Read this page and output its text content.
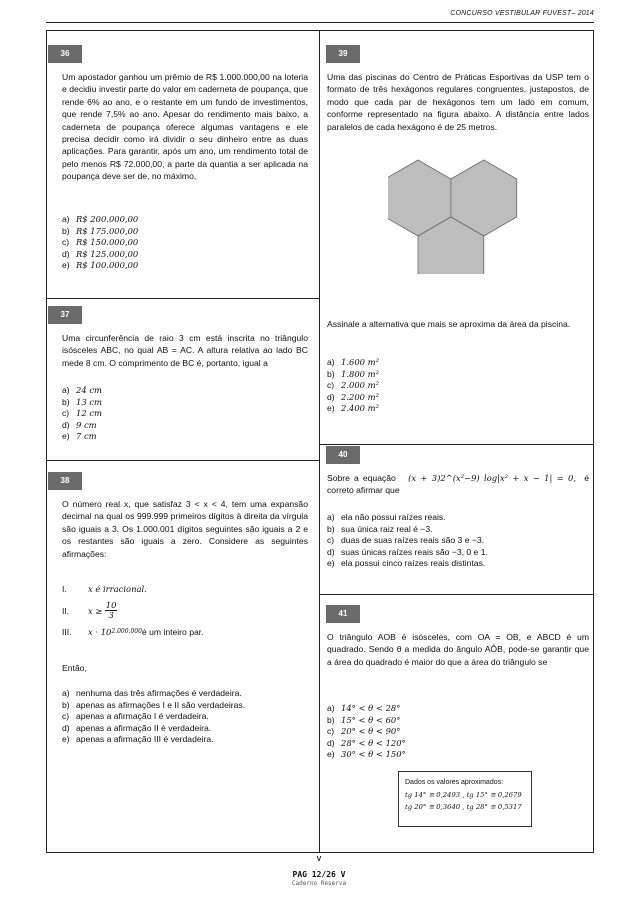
CONCURSO VESTIBULAR FUVEST– 2014
36

Um apostador ganhou um prêmio de R$ 1.000.000,00 na loteria e decidiu investir parte do valor em caderneta de poupança, que rende 6% ao ano, e o restante em um fundo de investimentos, que rende 7,5% ao ano. Apesar do rendimento mais baixo, a caderneta de poupança oferece algumas vantagens e ele precisa decidir como irá dividir o seu dinheiro entre as duas aplicações. Para garantir, após um ano, um rendimento total de pelo menos R$ 72.000,00, a parte da quantia a ser aplicada na poupança deve ser de, no máximo,

a) R$ 200.000,00
b) R$ 175.000,00
c) R$ 150.000,00
d) R$ 125.000,00
e) R$ 100.000,00
37

Uma circunferência de raio 3 cm está inscrita no triângulo isósceles ABC, no qual AB = AC. A altura relativa ao lado BC mede 8 cm. O comprimento de BC é, portanto, igual a

a) 24 cm
b) 13 cm
c) 12 cm
d) 9 cm
e) 7 cm
38

O número real x, que satisfaz 3 < x < 4, tem uma expansão decimal na qual os 999.999 primeiros dígitos à direita da vírgula são iguais a 3. Os 1.000.001 dígitos seguintes são iguais a 2 e os restantes são iguais a zero. Considere as seguintes afirmações:

I.	x é irracional.
II.	x ≥
$\frac{10}{3}$
III.	x · 10 2.000.000 é um inteiro par.
Então,
a) nenhuma das três afirmações é verdadeira.
b) apenas as afirmações I e II são verdadeiras.
c) apenas a afirmação I é verdadeira.
d) apenas a afirmação II é verdadeira.
e) apenas a afirmação III é verdadeira.
39

Uma das piscinas do Centro de Práticas Esportivas da USP tem o formato de três hexágonos regulares congruentes, justapostos, de modo que cada par de hexágonos tem um lado em comum, conforme representado na figura abaixo. A distância entre lados paralelos de cada hexágono é de 25 metros.

Assinale a alternativa que mais se aproxima da área da piscina.
a) 1.600 m²
b) 1.800 m²
c) 2.000 m²
d) 2.200 m²
e) 2.400 m²
40

Sobre a equação (x + 3)2^(x²−9) log|x² + x − 1| = 0, é correto afirmar que

a) ela não possui raízes reais.
b) sua única raiz real é −3.
c) duas de suas raízes reais são 3 e −3.
d) suas únicas raízes reais são −3, 0 e 1.
e) ela possui cinco raízes reais distintas.
41

O triângulo AOB é isósceles, com OA = OB, e ABCD é um quadrado. Sendo θ a medida do ângulo AÔB, pode-se garantir que a área do quadrado é maior do que a área do triângulo se

a) 14° < θ < 28°
b) 15° < θ < 60°
c) 20° < θ < 90°
d) 28° < θ < 120°
e) 30° < θ < 150°
Dados os valores aproximados:
tg 14° ≅ 0,2493 , tg 15° ≅ 0,2679
tg 20° ≅ 0,3640 , tg 28° ≅ 0,5317
V
PAG 12/26 V
Caderno Reserva
